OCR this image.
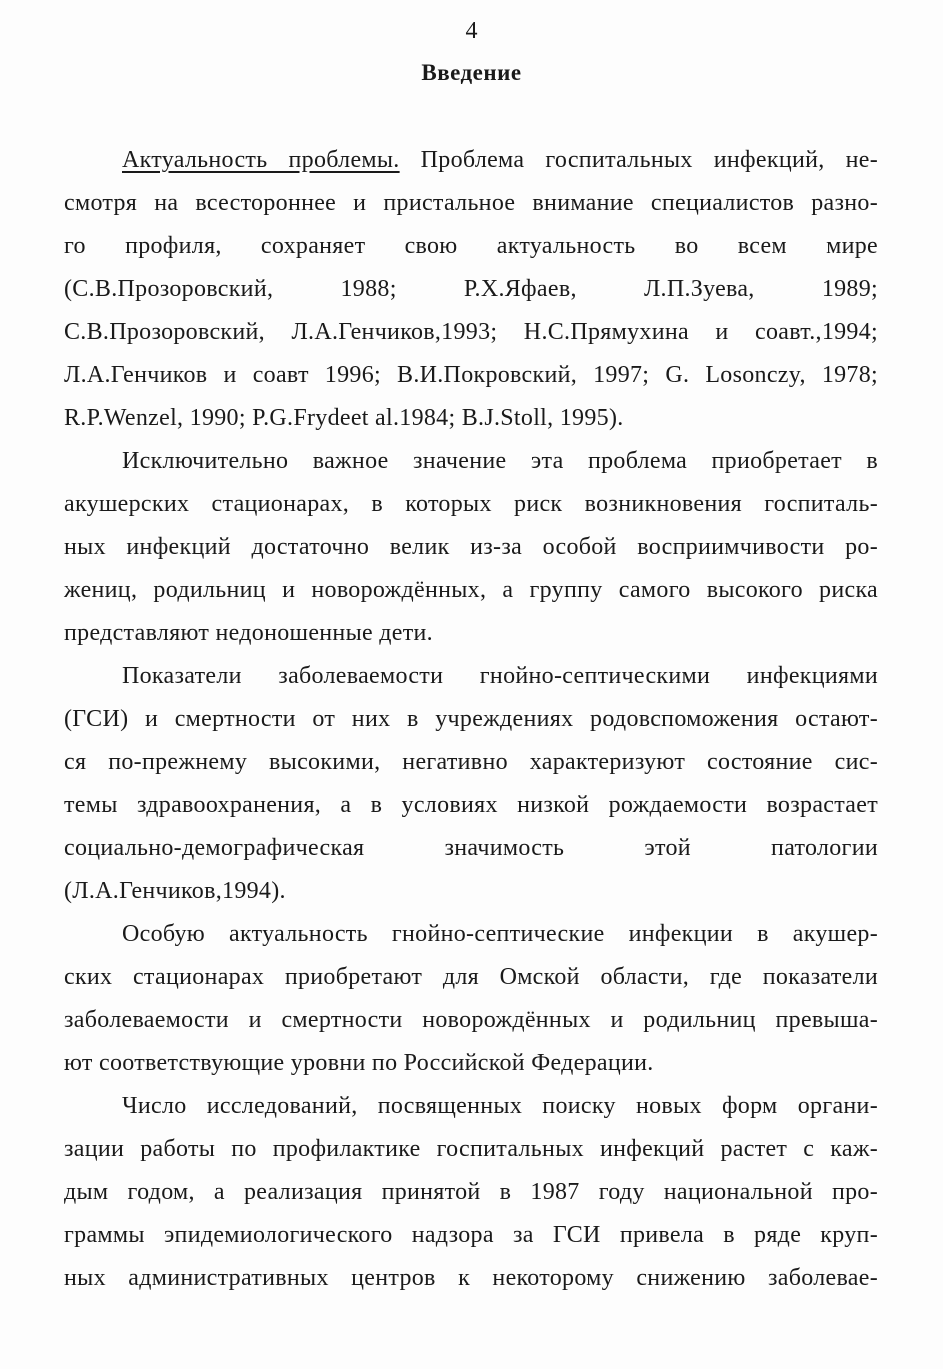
4
Введение
Актуальность проблемы. Проблема госпитальных инфекций, не-
смотря на всестороннее и пристальное внимание специалистов разно-
го профиля, сохраняет свою актуальность во всем мире
(С.В.Прозоровский, 1988; Р.Х.Яфаев, Л.П.Зуева, 1989;
С.В.Прозоровский, Л.А.Генчиков,1993; Н.С.Прямухина и соавт.,1994;
Л.А.Генчиков и соавт 1996; В.И.Покровский, 1997; G. Losonczy, 1978;
R.P.Wenzel, 1990; P.G.Frydeet al.1984; B.J.Stoll, 1995).
Исключительно важное значение эта проблема приобретает в
акушерских стационарах, в которых риск возникновения госпиталь-
ных инфекций достаточно велик из-за особой восприимчивости ро-
жениц, родильниц и новорождённых, а группу самого высокого риска
представляют недоношенные дети.
Показатели заболеваемости гнойно-септическими инфекциями
(ГСИ) и смертности от них в учреждениях родовспоможения остают-
ся по-прежнему высокими, негативно характеризуют состояние сис-
темы здравоохранения, а в условиях низкой рождаемости возрастает
социально-демографическая значимость этой патологии
(Л.А.Генчиков,1994).
Особую актуальность гнойно-септические инфекции в акушер-
ских стационарах приобретают для Омской области, где показатели
заболеваемости и смертности новорождённых и родильниц превыша-
ют соответствующие уровни по Российской Федерации.
Число исследований, посвященных поиску новых форм органи-
зации работы по профилактике госпитальных инфекций растет с каж-
дым годом, а реализация принятой в 1987 году национальной про-
граммы эпидемиологического надзора за ГСИ привела в ряде круп-
ных административных центров к некоторому снижению заболевае-
